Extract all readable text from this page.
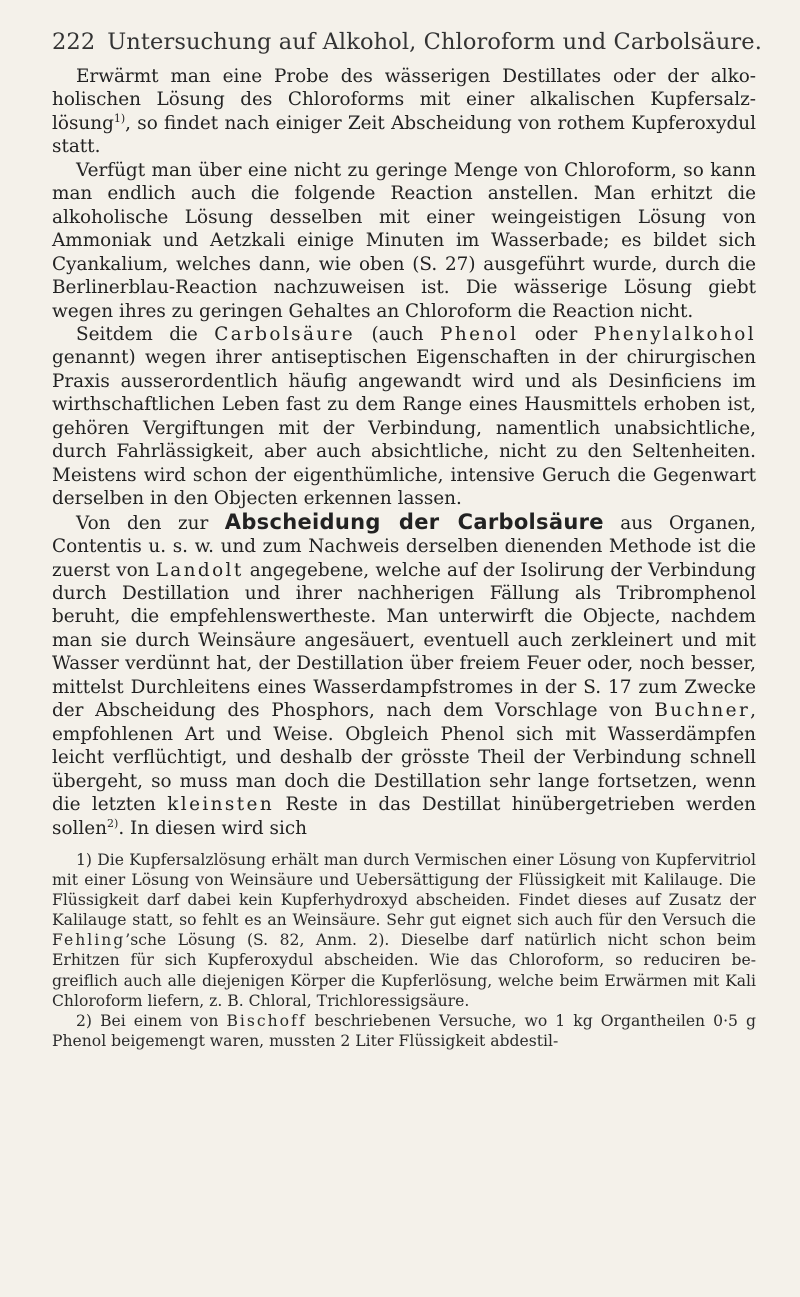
222 Untersuchung auf Alkohol, Chloroform und Carbolsäure.

Erwärmt man eine Probe des wässerigen Destillates oder der alkoholischen Lösung des Chloroforms mit einer alkalischen Kupfersalzlösung$^{1)}$, so findet nach einiger Zeit Abscheidung von rothem Kupferoxydul statt.

Verfügt man über eine nicht zu geringe Menge von Chloroform, so kann man endlich auch die folgende Reaction anstellen. Man erhitzt die alkoholische Lösung desselben mit einer weingeistigen Lösung von Ammoniak und Aetzkali einige Minuten im Wasserbade; es bildet sich Cyankalium, welches dann, wie oben (S. 27) ausgeführt wurde, durch die Berlinerblau-Reaction nachzuweisen ist. Die wässerige Lösung giebt wegen ihres zu geringen Gehaltes an Chloroform die Reaction nicht.

Seitdem die Carbolsäure (auch Phenol oder Phenylalkohol genannt) wegen ihrer antiseptischen Eigenschaften in der chirurgischen Praxis ausserordentlich häufig angewandt wird und als Desinficiens im wirthschaftlichen Leben fast zu dem Range eines Hausmittels erhoben ist, gehören Vergiftungen mit der Verbindung, namentlich unabsichtliche, durch Fahrlässigkeit, aber auch absichtliche, nicht zu den Seltenheiten. Meistens wird schon der eigenthümliche, intensive Geruch die Gegenwart derselben in den Objecten erkennen lassen.

Von den zur Abscheidung der Carbolsäure aus Organen, Contentis u. s. w. und zum Nachweis derselben dienenden Methode ist die zuerst von Landolt angegebene, welche auf der Isolirung der Verbindung durch Destillation und ihrer nachherigen Fällung als Tribromphenol beruht, die empfehlenswertheste. Man unterwirft die Objecte, nachdem man sie durch Weinsäure angesäuert, eventuell auch zerkleinert und mit Wasser verdünnt hat, der Destillation über freiem Feuer oder, noch besser, mittelst Durchleitens eines Wasserdampfstromes in der S. 17 zum Zwecke der Abscheidung des Phosphors, nach dem Vorschlage von Buchner, empfohlenen Art und Weise. Obgleich Phenol sich mit Wasserdämpfen leicht verflüchtigt, und deshalb der grösste Theil der Verbindung schnell übergeht, so muss man doch die Destillation sehr lange fortsetzen, wenn die letzten kleinsten Reste in das Destillat hinübergetrieben werden sollen$^{2)}$. In diesen wird sich

1) Die Kupfersalzlösung erhält man durch Vermischen einer Lösung von Kupfervitriol mit einer Lösung von Weinsäure und Uebersättigung der Flüssigkeit mit Kalilauge. Die Flüssigkeit darf dabei kein Kupferhydroxyd abscheiden. Findet dieses auf Zusatz der Kalilauge statt, so fehlt es an Weinsäure. Sehr gut eignet sich auch für den Versuch die Fehling’sche Lösung (S. 82, Anm. 2). Dieselbe darf natürlich nicht schon beim Erhitzen für sich Kupferoxydul abscheiden. Wie das Chloroform, so reduciren begreiflich auch alle diejenigen Körper die Kupferlösung, welche beim Erwärmen mit Kali Chloroform liefern, z. B. Chloral, Trichloressigsäure.

2) Bei einem von Bischoff beschriebenen Versuche, wo 1 kg Organtheilen 0·5 g Phenol beigemengt waren, mussten 2 Liter Flüssigkeit abdestil-
